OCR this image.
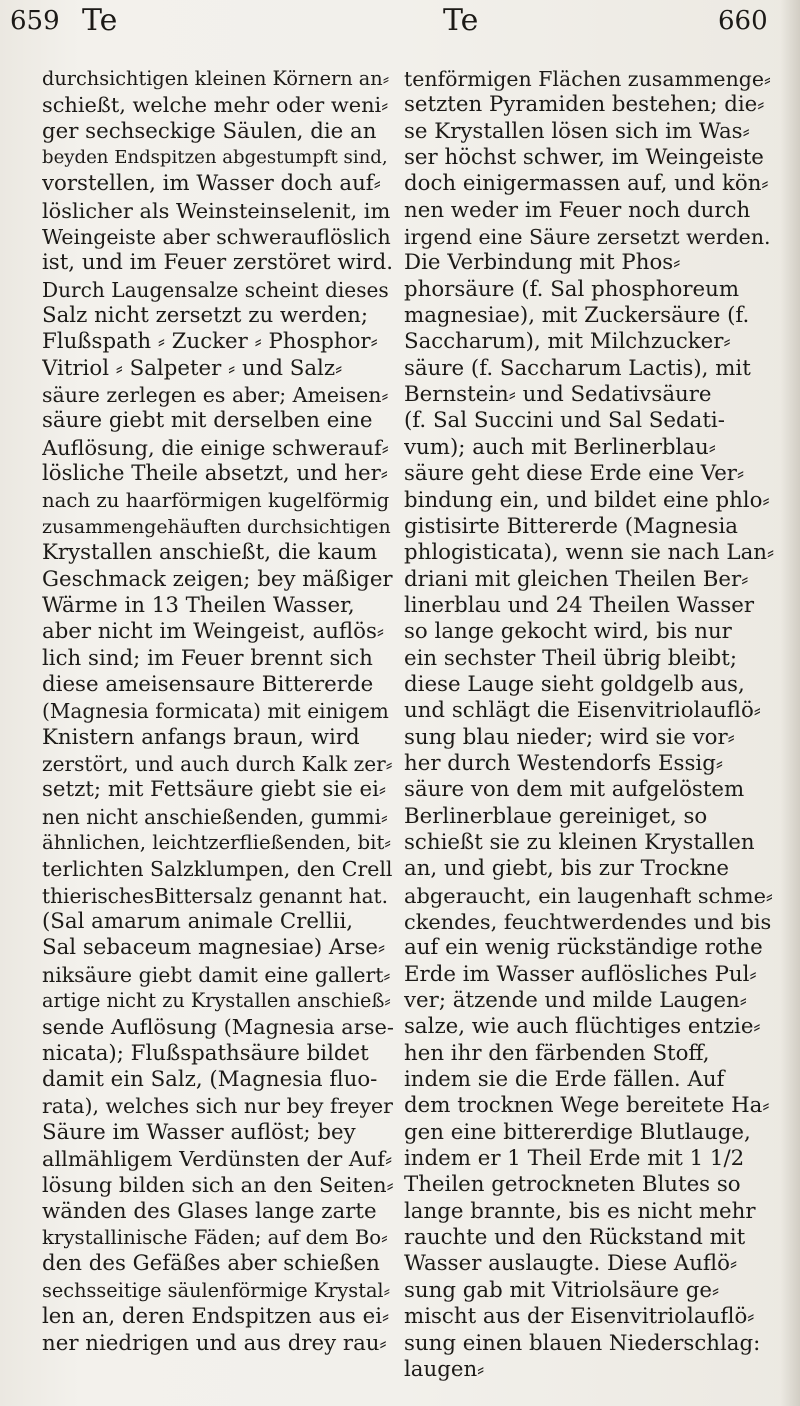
659 Te	Te	660
durchsichtigen kleinen Körnern an⸗
schießt, welche mehr oder weni⸗
ger sechseckige Säulen, die an
beyden Endspitzen abgestumpft sind,
vorstellen, im Wasser doch auf⸗
löslicher als Weinsteinselenit, im
Weingeiste aber schwerauflöslich
ist, und im Feuer zerstöret wird.
Durch Laugensalze scheint dieses
Salz nicht zersetzt zu werden;
Flußspath ⸗ Zucker ⸗ Phosphor⸗
Vitriol ⸗ Salpeter ⸗ und Salz⸗
säure zerlegen es aber; Ameisen⸗
säure giebt mit derselben eine
Auflösung, die einige schwerauf⸗
lösliche Theile absetzt, und her⸗
nach zu haarförmigen kugelförmig
zusammengehäuften durchsichtigen
Krystallen anschießt, die kaum
Geschmack zeigen; bey mäßiger
Wärme in 13 Theilen Wasser,
aber nicht im Weingeist, auflös⸗
lich sind; im Feuer brennt sich
diese ameisensaure Bittererde
(Magnesia formicata) mit einigem
Knistern anfangs braun, wird
zerstört, und auch durch Kalk zer⸗
setzt; mit Fettsäure giebt sie ei⸗
nen nicht anschießenden, gummi⸗
ähnlichen, leichtzerfließenden, bit⸗
terlichten Salzklumpen, den Crell
thierischesBittersalz genannt hat.
(Sal amarum animale Crellii,
Sal sebaceum magnesiae) Arse⸗
niksäure giebt damit eine gallert⸗
artige nicht zu Krystallen anschieß⸗
sende Auflösung (Magnesia arse-
nicata); Flußspathsäure bildet
damit ein Salz, (Magnesia fluo-
rata), welches sich nur bey freyer
Säure im Wasser auflöst; bey
allmähligem Verdünsten der Auf⸗
lösung bilden sich an den Seiten⸗
wänden des Glases lange zarte
krystallinische Fäden; auf dem Bo⸗
den des Gefäßes aber schießen
sechsseitige säulenförmige Krystal⸗
len an, deren Endspitzen aus ei⸗
ner niedrigen und aus drey rau⸗
tenförmigen Flächen zusammenge⸗
setzten Pyramiden bestehen; die⸗
se Krystallen lösen sich im Was⸗
ser höchst schwer, im Weingeiste
doch einigermassen auf, und kön⸗
nen weder im Feuer noch durch
irgend eine Säure zersetzt werden.
Die Verbindung mit Phos⸗
phorsäure (f. Sal phosphoreum
magnesiae), mit Zuckersäure (f.
Saccharum), mit Milchzucker⸗
säure (f. Saccharum Lactis), mit
Bernstein⸗ und Sedativsäure
(f. Sal Succini und Sal Sedati-
vum); auch mit Berlinerblau⸗
säure geht diese Erde eine Ver⸗
bindung ein, und bildet eine phlo⸗
gistisirte Bittererde (Magnesia
phlogisticata), wenn sie nach Lan⸗
driani mit gleichen Theilen Ber⸗
linerblau und 24 Theilen Wasser
so lange gekocht wird, bis nur
ein sechster Theil übrig bleibt;
diese Lauge sieht goldgelb aus,
und schlägt die Eisenvitriolauflö⸗
sung blau nieder; wird sie vor⸗
her durch Westendorfs Essig⸗
säure von dem mit aufgelöstem
Berlinerblaue gereiniget, so
schießt sie zu kleinen Krystallen
an, und giebt, bis zur Trockne
abgeraucht, ein laugenhaft schme⸗
ckendes, feuchtwerdendes und bis
auf ein wenig rückständige rothe
Erde im Wasser auflösliches Pul⸗
ver; ätzende und milde Laugen⸗
salze, wie auch flüchtiges entzie⸗
hen ihr den färbenden Stoff,
indem sie die Erde fällen. Auf
dem trocknen Wege bereitete Ha⸗
gen eine bittererdige Blutlauge,
indem er 1 Theil Erde mit 1 1/2
Theilen getrockneten Blutes so
lange brannte, bis es nicht mehr
rauchte und den Rückstand mit
Wasser auslaugte. Diese Auflö⸗
sung gab mit Vitriolsäure ge⸗
mischt aus der Eisenvitriolauflö⸗
sung einen blauen Niederschlag:
laugen⸗
